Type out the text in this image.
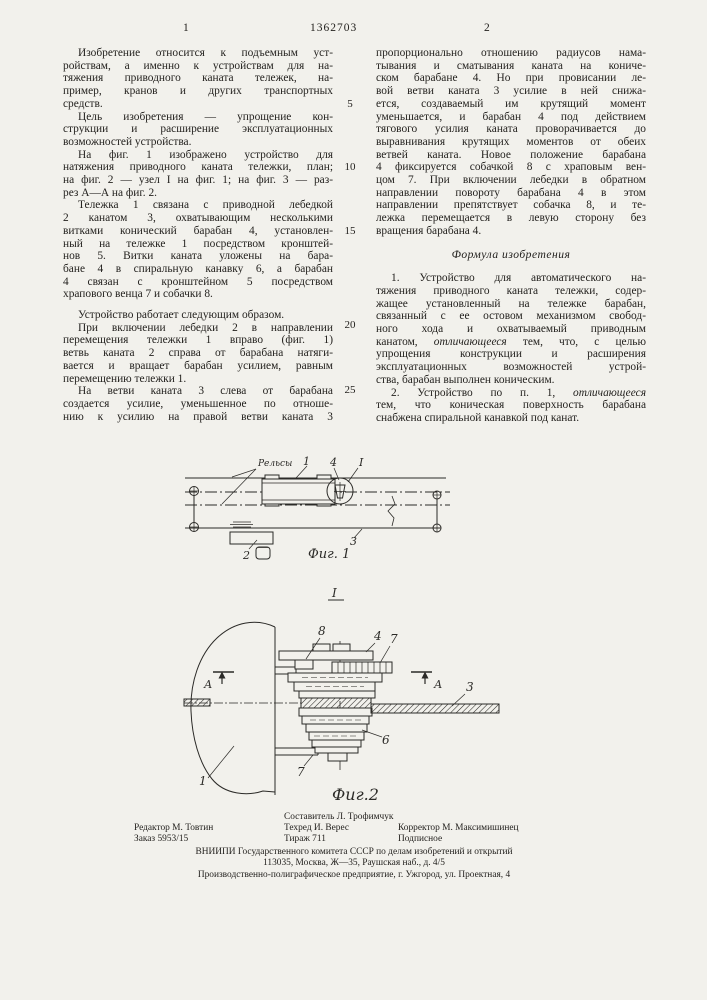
1	1362703	2
Изобретение относится к подъемным уст-
ройствам, а именно к устройствам для на-
тяжения приводного каната тележек, на-
пример, кранов и других транспортных
средств.
Цель изобретения — упрощение кон-
струкции и расширение эксплуатационных
возможностей устройства.
На фиг. 1 изображено устройство для
натяжения приводного каната тележки, план;
на фиг. 2 — узел I на фиг. 1; на фиг. 3 — раз-
рез А—А на фиг. 2.
Тележка 1 связана с приводной лебедкой
2 канатом 3, охватывающим несколькими
витками конический барабан 4, установлен-
ный на тележке 1 посредством кронштей-
нов 5. Витки каната уложены на бара-
бане 4 в спиральную канавку 6, а барабан
4 связан с кронштейном 5 посредством
храпового венца 7 и собачки 8.
Устройство работает следующим образом.
При включении лебедки 2 в направлении
перемещения тележки 1 вправо (фиг. 1)
ветвь каната 2 справа от барабана натяги-
вается и вращает барабан усилием, равным
перемещению тележки 1.
На ветви каната 3 слева от барабана
создается усилие, уменьшенное по отноше-
нию к усилию на правой ветви каната 3
5
10
15
20
25
пропорционально отношению радиусов нама-
тывания и сматывания каната на кониче-
ском барабане 4. Но при провисании ле-
вой ветви каната 3 усилие в ней снижа-
ется, создаваемый им крутящий момент
уменьшается, и барабан 4 под действием
тягового усилия каната проворачивается до
выравнивания крутящих моментов от обеих
ветвей каната. Новое положение барабана
4 фиксируется собачкой 8 с храповым вен-
цом 7. При включении лебедки в обратном
направлении повороту барабана 4 в этом
направлении препятствует собачка 8, и те-
лежка перемещается в левую сторону без
вращения барабана 4.
Формула изобретения
1. Устройство для автоматического на-
тяжения приводного каната тележки, содер-
жащее установленный на тележке барабан,
связанный с ее остовом механизмом свобод-
ного хода и охватываемый приводным
канатом, отличающееся тем, что, с целью
упрощения конструкции и расширения
эксплуатационных возможностей устрой-
ства, барабан выполнен коническим.
2. Устройство по п. 1, отличающееся
тем, что коническая поверхность барабана
снабжена спиральной канавкой под канат.
Рельсы 1 4 I
2
3
Фиг. 1
I
8	4 7
3
6
7
1
А	А
Фиг.2
Составитель Л. Трофимчук
Редактор М. Товтин	Техред И. Верес	Корректор М. Максимишинец
Заказ 5953/15	Тираж 711	Подписное
ВНИИПИ Государственного комитета СССР по делам изобретений и открытий
113035, Москва, Ж—35, Раушская наб., д. 4/5
Производственно-полиграфическое предприятие, г. Ужгород, ул. Проектная, 4
